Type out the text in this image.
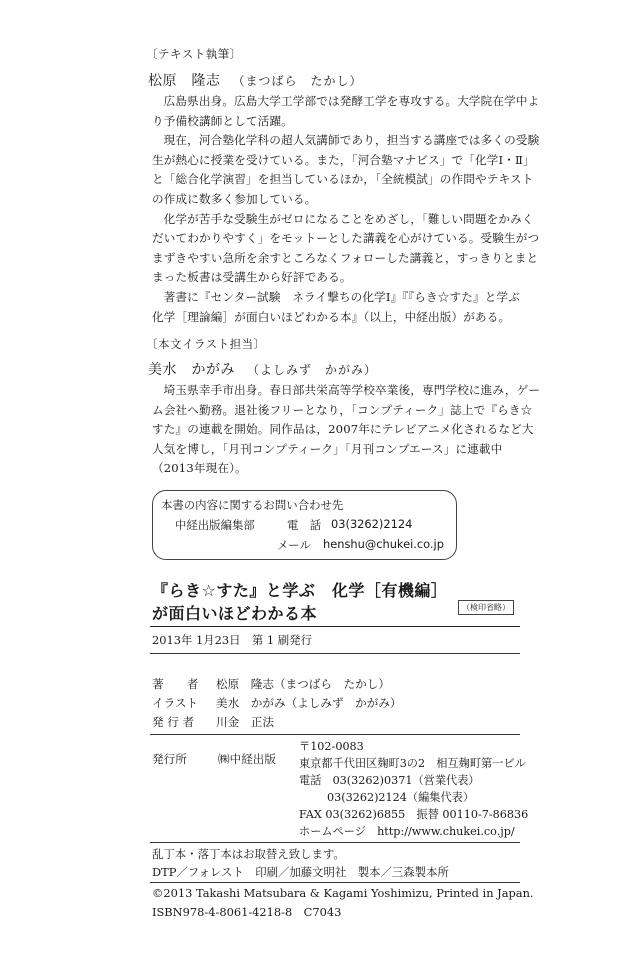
〔テキスト執筆〕
松原　隆志 （まつばら　たかし）

広島県出身。広島大学工学部では発酵工学を専攻する。大学院在学中より予備校講師として活躍。

現在，河合塾化学科の超人気講師であり，担当する講座では多くの受験生が熱心に授業を受けている。また，「河合塾マナビス」で「化学Ⅰ・Ⅱ」と「総合化学演習」を担当しているほか，「全統模試」の作問やテキストの作成に数多く参加している。

化学が苦手な受験生がゼロになることをめざし，「難しい問題をかみくだいてわかりやすく」をモットーとした講義を心がけている。受験生がつまずきやすい急所を余すところなくフォローした講義と，すっきりとまとまった板書は受講生から好評である。

著書に『センター試験　ネライ撃ちの化学Ⅰ』『『らき☆すた』と学ぶ　化学［理論編］が面白いほどわかる本』（以上，中経出版）がある。

〔本文イラスト担当〕
美水　かがみ （よしみず　かがみ）

埼玉県幸手市出身。春日部共栄高等学校卒業後，専門学校に進み，ゲーム会社へ勤務。退社後フリーとなり，「コンプティーク」誌上で『らき☆すた』の連載を開始。同作品は，2007年にテレビアニメ化されるなど大人気を博し，「月刊コンプティーク」「月刊コンプエース」に連載中（2013年現在）。

本書の内容に関するお問い合わせ先
中経出版編集部	電　話 03(3262)2124
メール henshu@chukei.co.jp
『らき☆すた』と学ぶ　化学［有機編］
が面白いほどわかる本	（検印省略）
2013年 1月23日　第 1 刷発行
著　　者 松原　隆志（まつばら　たかし）
イラスト 美水　かがみ（よしみず　かがみ）
発 行 者 川金　正法
発行所	㈱中経出版
〒102-0083
東京都千代田区麹町3の2　相互麹町第一ビル
電話　03(3262)0371（営業代表）
03(3262)2124（編集代表）
FAX 03(3262)6855　振替 00110-7-86836
ホームページ　http://www.chukei.co.jp/
乱丁本・落丁本はお取替え致します。
DTP／フォレスト　印刷／加藤文明社　製本／三森製本所
©2013 Takashi Matsubara & Kagami Yoshimizu, Printed in Japan.
ISBN978-4-8061-4218-8　C7043
